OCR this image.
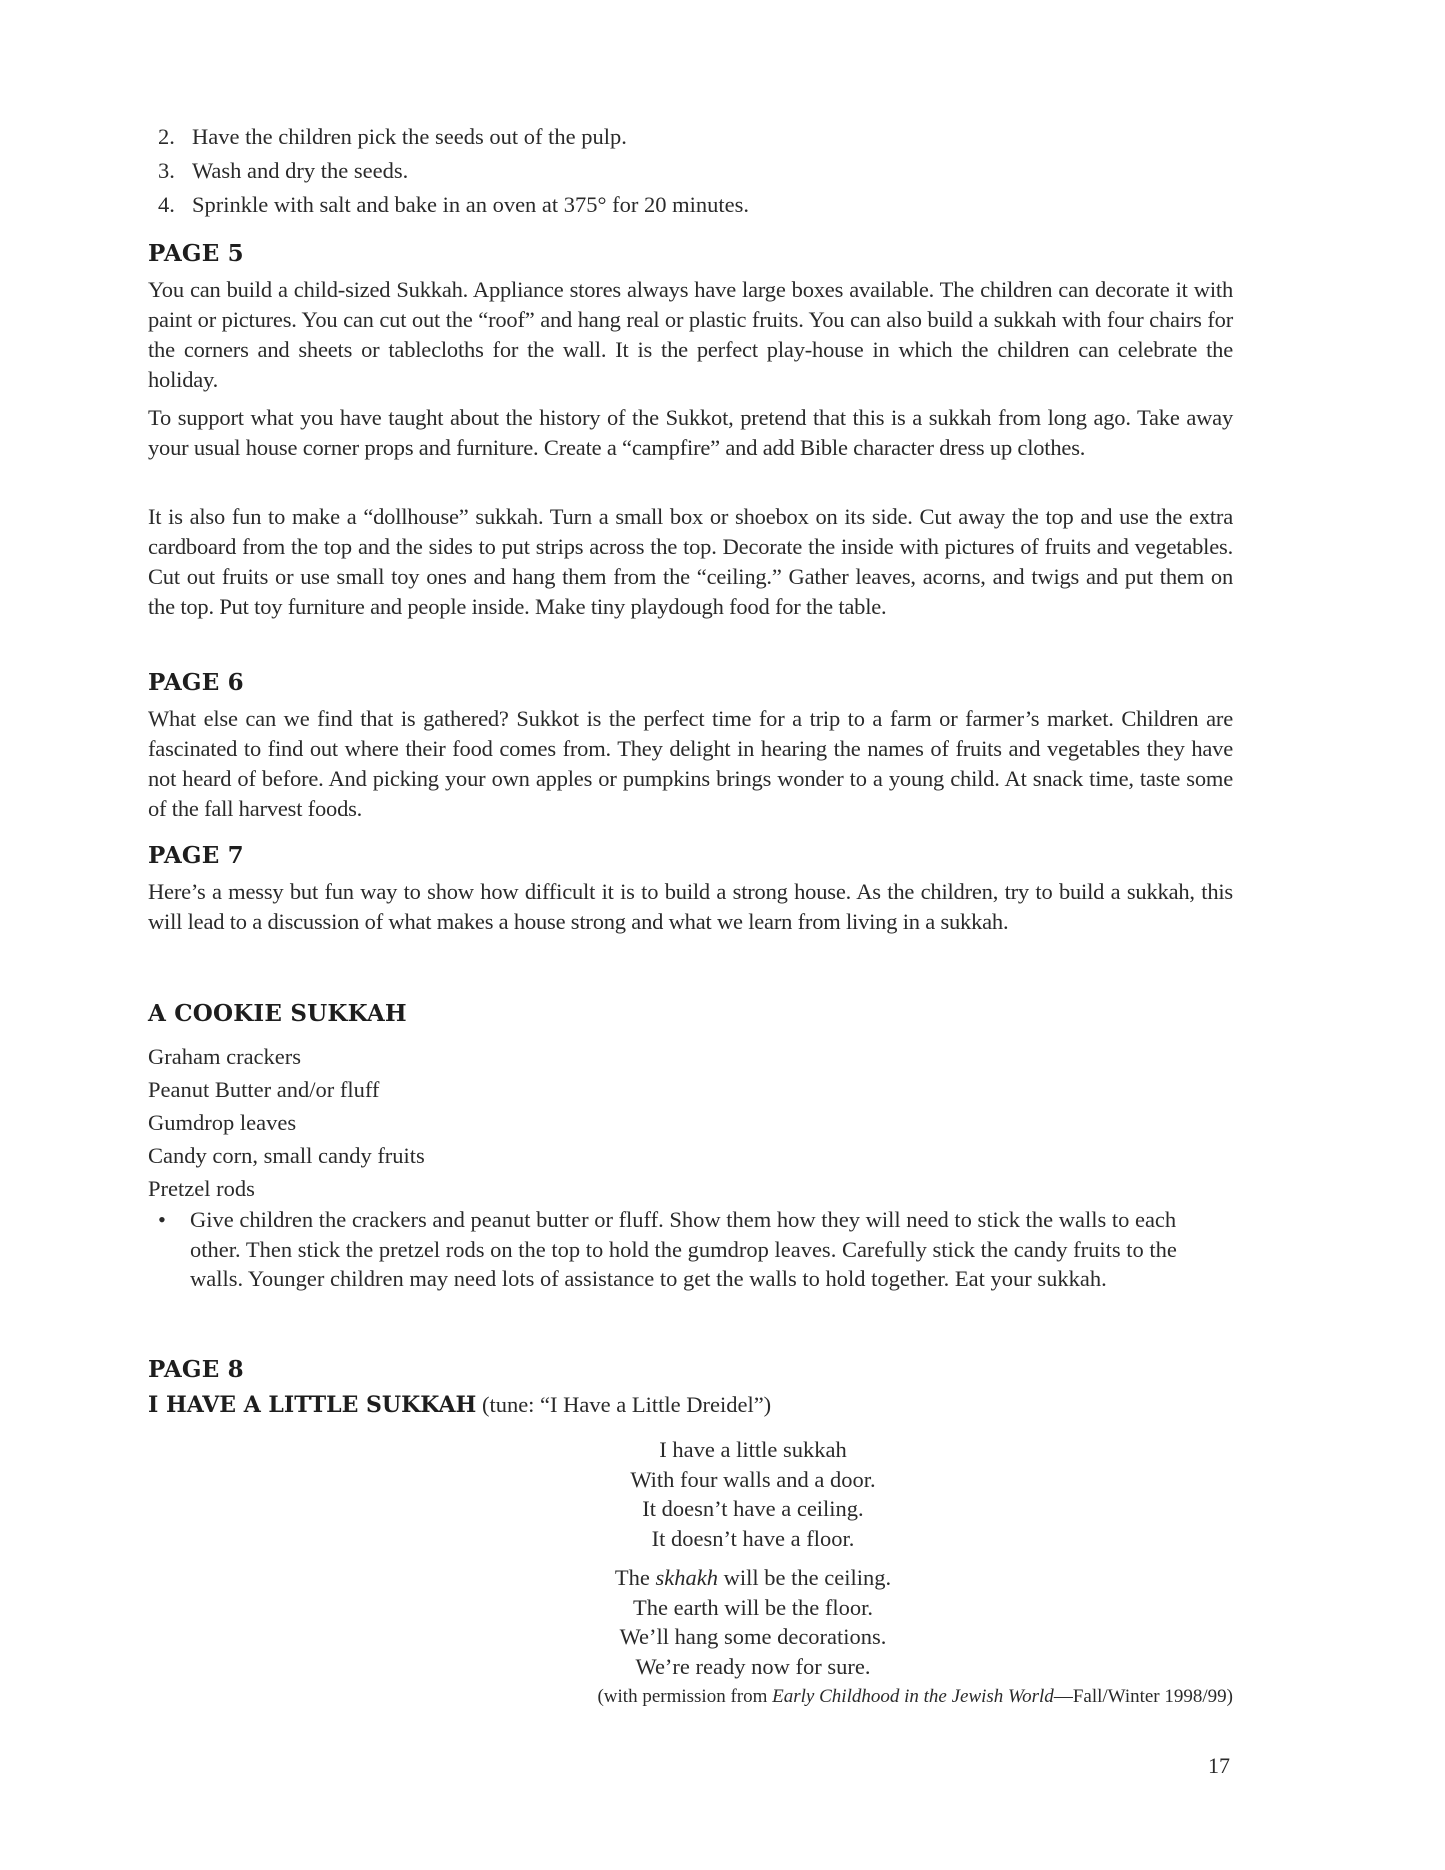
2. Have the children pick the seeds out of the pulp.
3. Wash and dry the seeds.
4. Sprinkle with salt and bake in an oven at 375° for 20 minutes.
PAGE 5

You can build a child-sized Sukkah. Appliance stores always have large boxes available. The children can decorate it with paint or pictures. You can cut out the “roof” and hang real or plastic fruits. You can also build a sukkah with four chairs for the corners and sheets or tablecloths for the wall. It is the perfect play-house in which the children can celebrate the holiday.

To support what you have taught about the history of the Sukkot, pretend that this is a sukkah from long ago. Take away your usual house corner props and furniture. Create a “campfire” and add Bible character dress up clothes.

It is also fun to make a “dollhouse” sukkah. Turn a small box or shoebox on its side. Cut away the top and use the extra cardboard from the top and the sides to put strips across the top. Decorate the inside with pictures of fruits and vegetables. Cut out fruits or use small toy ones and hang them from the “ceiling.” Gather leaves, acorns, and twigs and put them on the top. Put toy furniture and people inside. Make tiny playdough food for the table.

PAGE 6

What else can we find that is gathered? Sukkot is the perfect time for a trip to a farm or farmer’s market. Children are fascinated to find out where their food comes from. They delight in hearing the names of fruits and vegetables they have not heard of before. And picking your own apples or pumpkins brings wonder to a young child. At snack time, taste some of the fall harvest foods.

PAGE 7

Here’s a messy but fun way to show how difficult it is to build a strong house. As the children, try to build a sukkah, this will lead to a discussion of what makes a house strong and what we learn from living in a sukkah.

A COOKIE SUKKAH
Graham crackers
Peanut Butter and/or fluff
Gumdrop leaves
Candy corn, small candy fruits
Pretzel rods
•	Give children the crackers and peanut butter or fluff. Show them how they will need to stick the walls to each other. Then stick the pretzel rods on the top to hold the gumdrop leaves. Carefully stick the candy fruits to the walls. Younger children may need lots of assistance to get the walls to hold together. Eat your sukkah.
PAGE 8
I HAVE A LITTLE SUKKAH (tune: “I Have a Little Dreidel”)
I have a little sukkah
With four walls and a door.
It doesn’t have a ceiling.
It doesn’t have a floor.
The skhakh will be the ceiling.
The earth will be the floor.
We’ll hang some decorations.
We’re ready now for sure.
(with permission from Early Childhood in the Jewish World—Fall/Winter 1998/99)
17
